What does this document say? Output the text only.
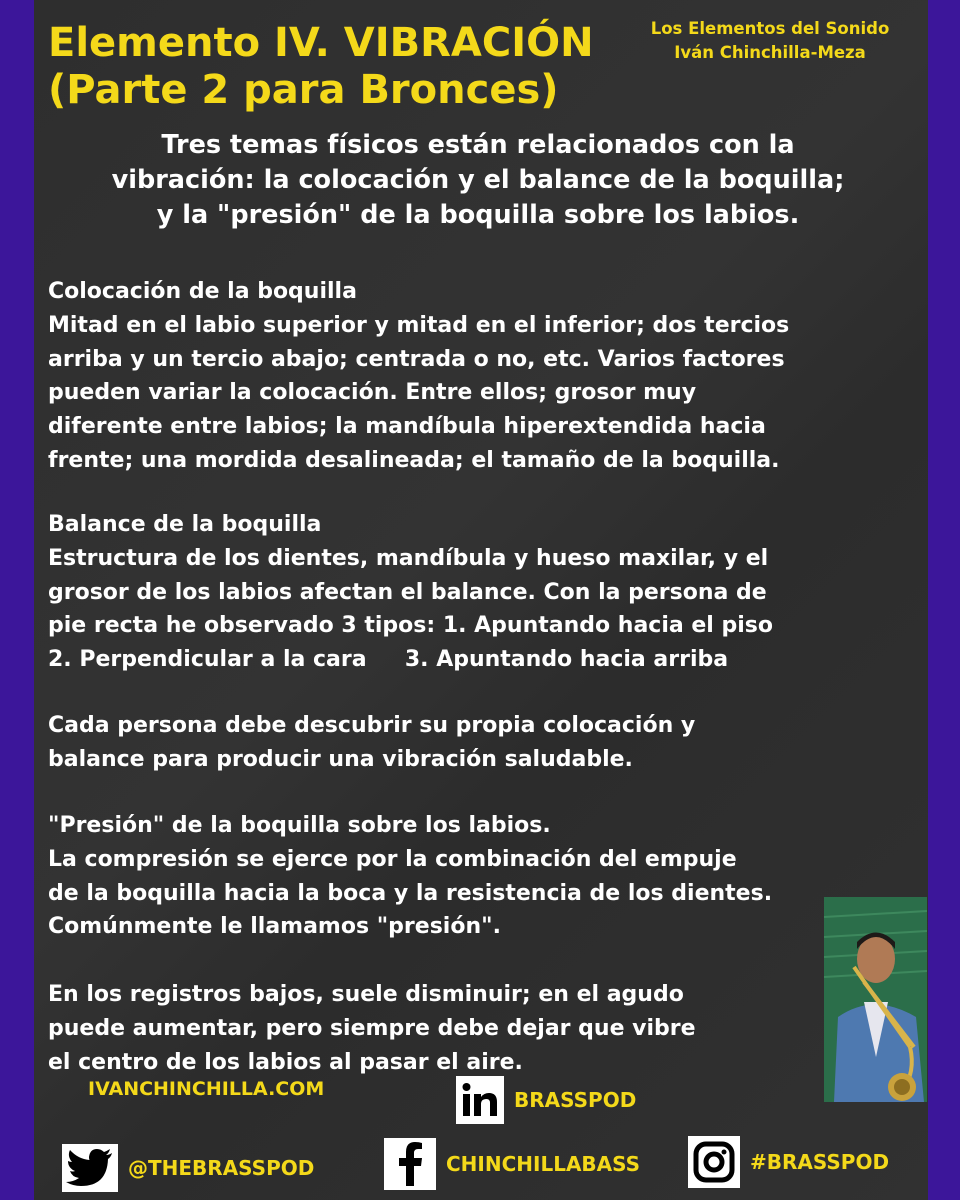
Elemento IV. VIBRACIÓN
(Parte 2 para Bronces)
Los Elementos del Sonido
Iván Chinchilla-Meza
Tres temas físicos están relacionados con la
vibración: la colocación y el balance de la boquilla;
y la "presión" de la boquilla sobre los labios.
Colocación de la boquilla
Mitad en el labio superior y mitad en el inferior; dos tercios
arriba y un tercio abajo; centrada o no, etc. Varios factores
pueden variar la colocación. Entre ellos; grosor muy
diferente entre labios; la mandíbula hiperextendida hacia
frente; una mordida desalineada; el tamaño de la boquilla.
Balance de la boquilla
Estructura de los dientes, mandíbula y hueso maxilar, y el
grosor de los labios afectan el balance. Con la persona de
pie recta he observado 3 tipos: 1. Apuntando hacia el piso
2. Perpendicular a la cara     3. Apuntando hacia arriba
Cada persona debe descubrir su propia colocación y
balance para producir una vibración saludable.
"Presión" de la boquilla sobre los labios.
La compresión se ejerce por la combinación del empuje
de la boquilla hacia la boca y la resistencia de los dientes.
Comúnmente le llamamos "presión".
En los registros bajos, suele disminuir; en el agudo
puede aumentar, pero siempre debe dejar que vibre
el centro de los labios al pasar el aire.
IVANCHINCHILLA.COM	BRASSPOD
@THEBRASSPOD	CHINCHILLABASS	#BRASSPOD
